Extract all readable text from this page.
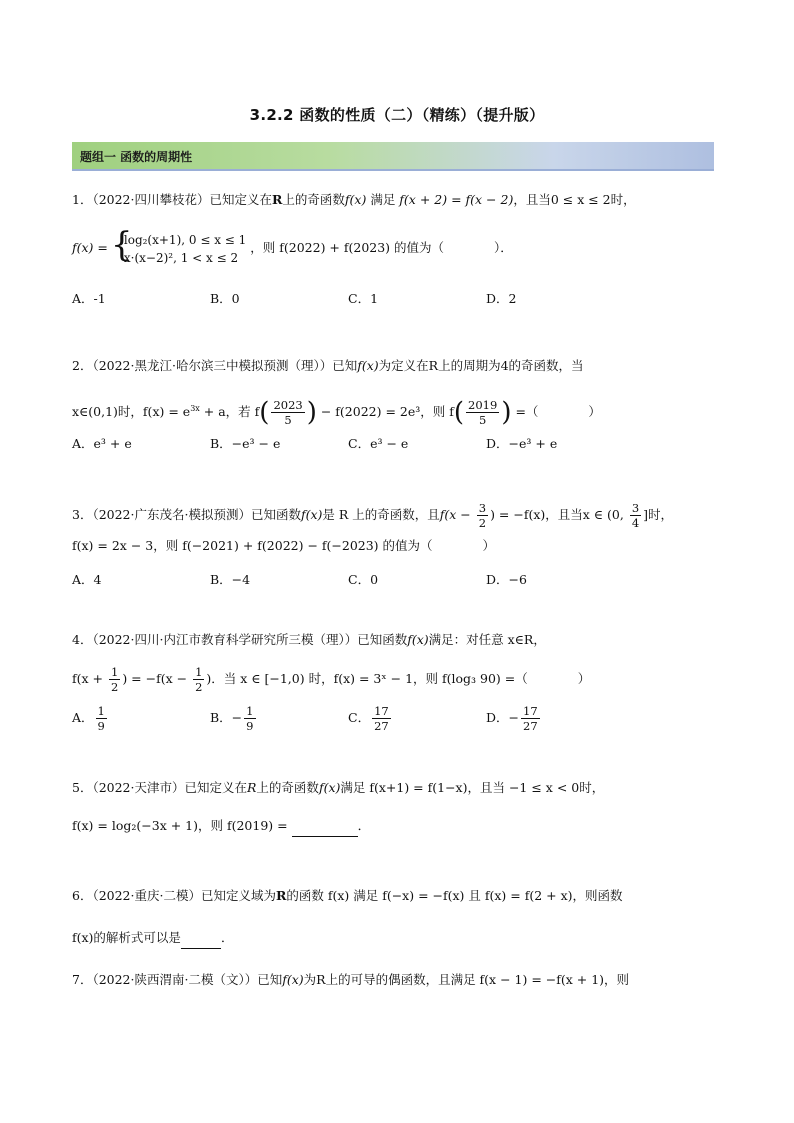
3.2.2 函数的性质（二）（精练）（提升版）
题组一 函数的周期性
1．（2022·四川攀枝花）已知定义在R上的奇函数f(x) 满足 f(x + 2) = f(x − 2)，且当0 ≤ x ≤ 2时，
f(x) =
{ log₂(x+1), 0 ≤ x ≤ 1
x·(x−2)², 1 < x ≤ 2
，则 f(2022) + f(2023) 的值为（　　　　）．
A．-1	B．0	C．1	D．2
2．（2022·黑龙江·哈尔滨三中模拟预测（理））已知f(x)为定义在R上的周期为4的奇函数，当
x∈(0,1)时，$f(x) = e^{3x} + a$，若 $f( \frac{2023}{5}$ ) − f(2022) = 2e³，则 $f( \frac{2019}{5}$ ) =（　　　　）
A．e³ + e	B．−e³ − e	C．e³ − e	D．−e³ + e
3．（2022·广东茂名·模拟预测）已知函数f(x)是 R 上的奇函数，且$f(x - \frac{3}{2}$ ) = −f(x)，且当x ∈ (0, $\frac{3}{4}$ ]时，
f(x) = 2x − 3，则 f(−2021) + f(2022) − f(−2023) 的值为（　　　　）
A．4	B．−4	C．0	D．−6
4．（2022·四川·内江市教育科学研究所三模（理））已知函数f(x)满足：对任意 x∈R，
$f(x + \frac{1}{2}$ ) = $-f(x - \frac{1}{2}$ )．当 x ∈ [−1,0) 时，f(x) = 3ˣ − 1，则 f(log₃ 90) =（　　　　）
A． $\frac{1}{9}$	B．− $\frac{1}{9}$	C． $\frac{17}{27}$	D．− $\frac{17}{27}$
5．（2022·天津市）已知定义在R上的奇函数f(x)满足 f(x+1) = f(1−x)，且当 −1 ≤ x < 0时，
f(x) = log₂(−3x + 1)，则 f(2019) =	．
6．（2022·重庆·二模）已知定义域为R的函数 f(x) 满足 f(−x) = −f(x) 且 f(x) = f(2 + x)，则函数
f(x)的解析式可以是	．
7．（2022·陕西渭南·二模（文））已知f(x)为R上的可导的偶函数，且满足 f(x − 1) = −f(x + 1)，则
